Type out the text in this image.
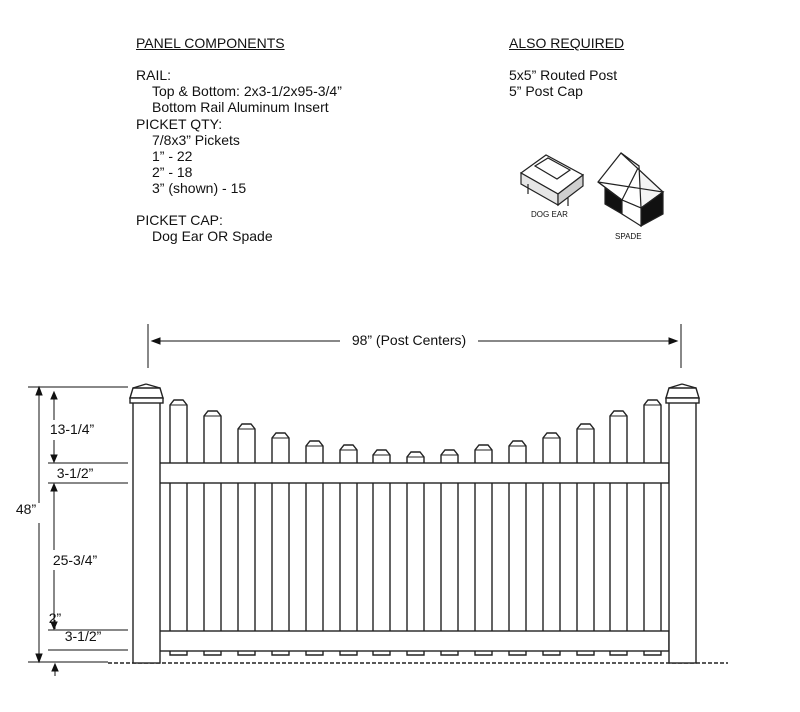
PANEL COMPONENTS
RAIL:
Top & Bottom: 2x3-1/2x95-3/4”
Bottom Rail Aluminum Insert
PICKET QTY:
7/8x3” Pickets
1” - 22
2” - 18
3” (shown) - 15
PICKET CAP:
Dog Ear OR Spade
ALSO REQUIRED
5x5” Routed Post
5” Post Cap
DOG EAR
SPADE
98” (Post Centers)
48”
13-1/4”
3-1/2”
25-3/4”
2”
3-1/2”
